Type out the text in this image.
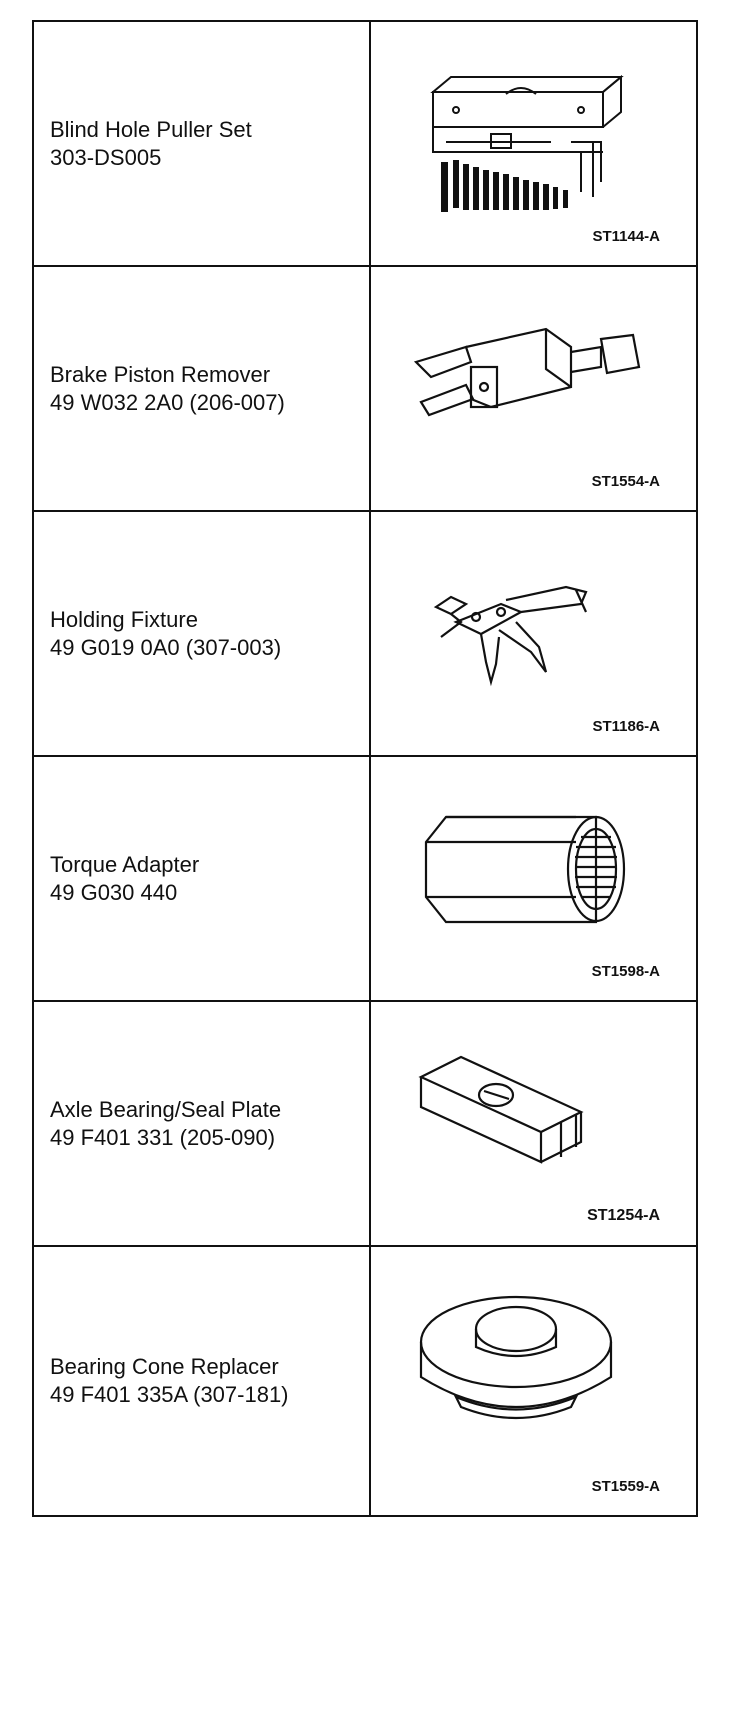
Blind Hole Puller Set
303-DS005
ST1144-A
Brake Piston Remover
49 W032 2A0 (206-007)
ST1554-A
Holding Fixture
49 G019 0A0 (307-003)
ST1186-A
Torque Adapter
49 G030 440
ST1598-A
Axle Bearing/Seal Plate
49 F401 331 (205-090)
ST1254-A
Bearing Cone Replacer
49 F401 335A (307-181)
ST1559-A
